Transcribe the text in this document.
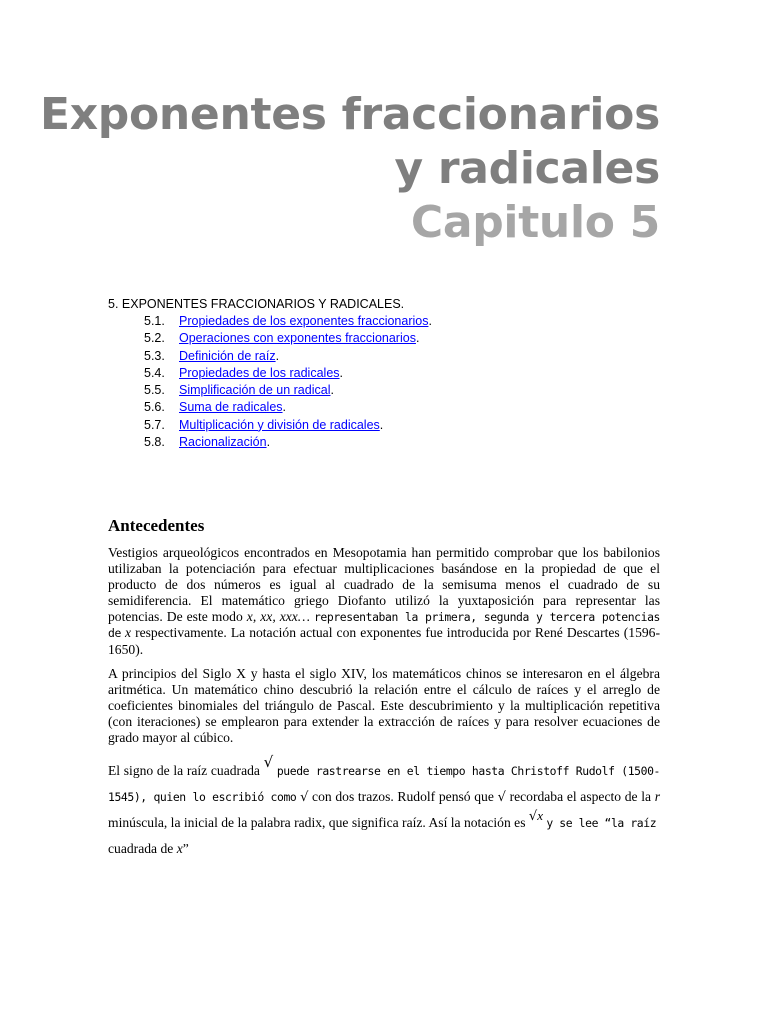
Exponentes fraccionarios
y radicales
Capitulo 5
5. EXPONENTES FRACCIONARIOS Y RADICALES.
5.1. Propiedades de los exponentes fraccionarios.
5.2. Operaciones con exponentes fraccionarios.
5.3. Definición de raíz.
5.4. Propiedades de los radicales.
5.5. Simplificación de un radical.
5.6. Suma de radicales.
5.7. Multiplicación y división de radicales.
5.8. Racionalización.
Antecedentes

Vestigios arqueológicos encontrados en Mesopotamia han permitido comprobar que los babilonios utilizaban la potenciación para efectuar multiplicaciones basándose en la propiedad de que el producto de dos números es igual al cuadrado de la semisuma menos el cuadrado de su semidiferencia. El matemático griego Diofanto utilizó la yuxtaposición para representar las potencias. De este modo x, xx, xxx… representaban la primera, segunda y tercera potencias de x respectivamente. La notación actual con exponentes fue introducida por René Descartes (1596-1650).

A principios del Siglo X y hasta el siglo XIV, los matemáticos chinos se interesaron en el álgebra aritmética. Un matemático chino descubrió la relación entre el cálculo de raíces y el arreglo de coeficientes binomiales del triángulo de Pascal. Este descubrimiento y la multiplicación repetitiva (con iteraciones) se emplearon para extender la extracción de raíces y para resolver ecuaciones de grado mayor al cúbico.

El signo de la raíz cuadrada √ puede rastrearse en el tiempo hasta Christoff Rudolf (1500-1545), quien lo escribió como √ con dos trazos. Rudolf pensó que √ recordaba el aspecto de la r minúscula, la inicial de la palabra radix, que significa raíz. Así la notación es √x y se lee “la raíz
cuadrada de x”
